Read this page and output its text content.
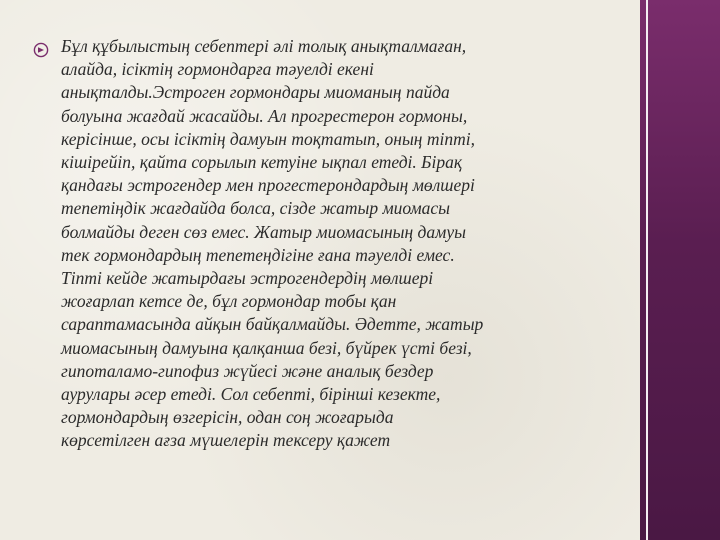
Бұл құбылыстың себептері әлі толық анықталмаған,
алайда, ісіктің гормондарға тәуелді екені
анықталды.Эстроген гормондары миоманың пайда
болуына жағдай жасайды. Ал прогрестерон гормоны,
керісінше, осы ісіктің дамуын тоқтатып, оның тіпті,
кішірейіп, қайта сорылып кетуіне ықпал етеді. Бірақ
қандағы эстрогендер мен прогестерондардың мөлшері
тепетіңдік жағдайда болса, сізде жатыр миомасы
болмайды деген сөз емес. Жатыр миомасының дамуы
тек гормондардың тепетеңдігіне ғана тәуелді емес.
Тіпті кейде жатырдағы эстрогендердің мөлшері
жоғарлап кетсе де, бұл гормондар тобы қан
сараптамасында айқын байқалмайды. Әдетте, жатыр
миомасының дамуына қалқанша безі, бүйрек үсті безі,
гипоталамо-гипофиз жүйесі және аналық бездер
аурулары әсер етеді. Сол себепті, бірінші кезекте,
гормондардың өзгерісін, одан соң жоғарыда
көрсетілген ағза мүшелерін тексеру қажет
